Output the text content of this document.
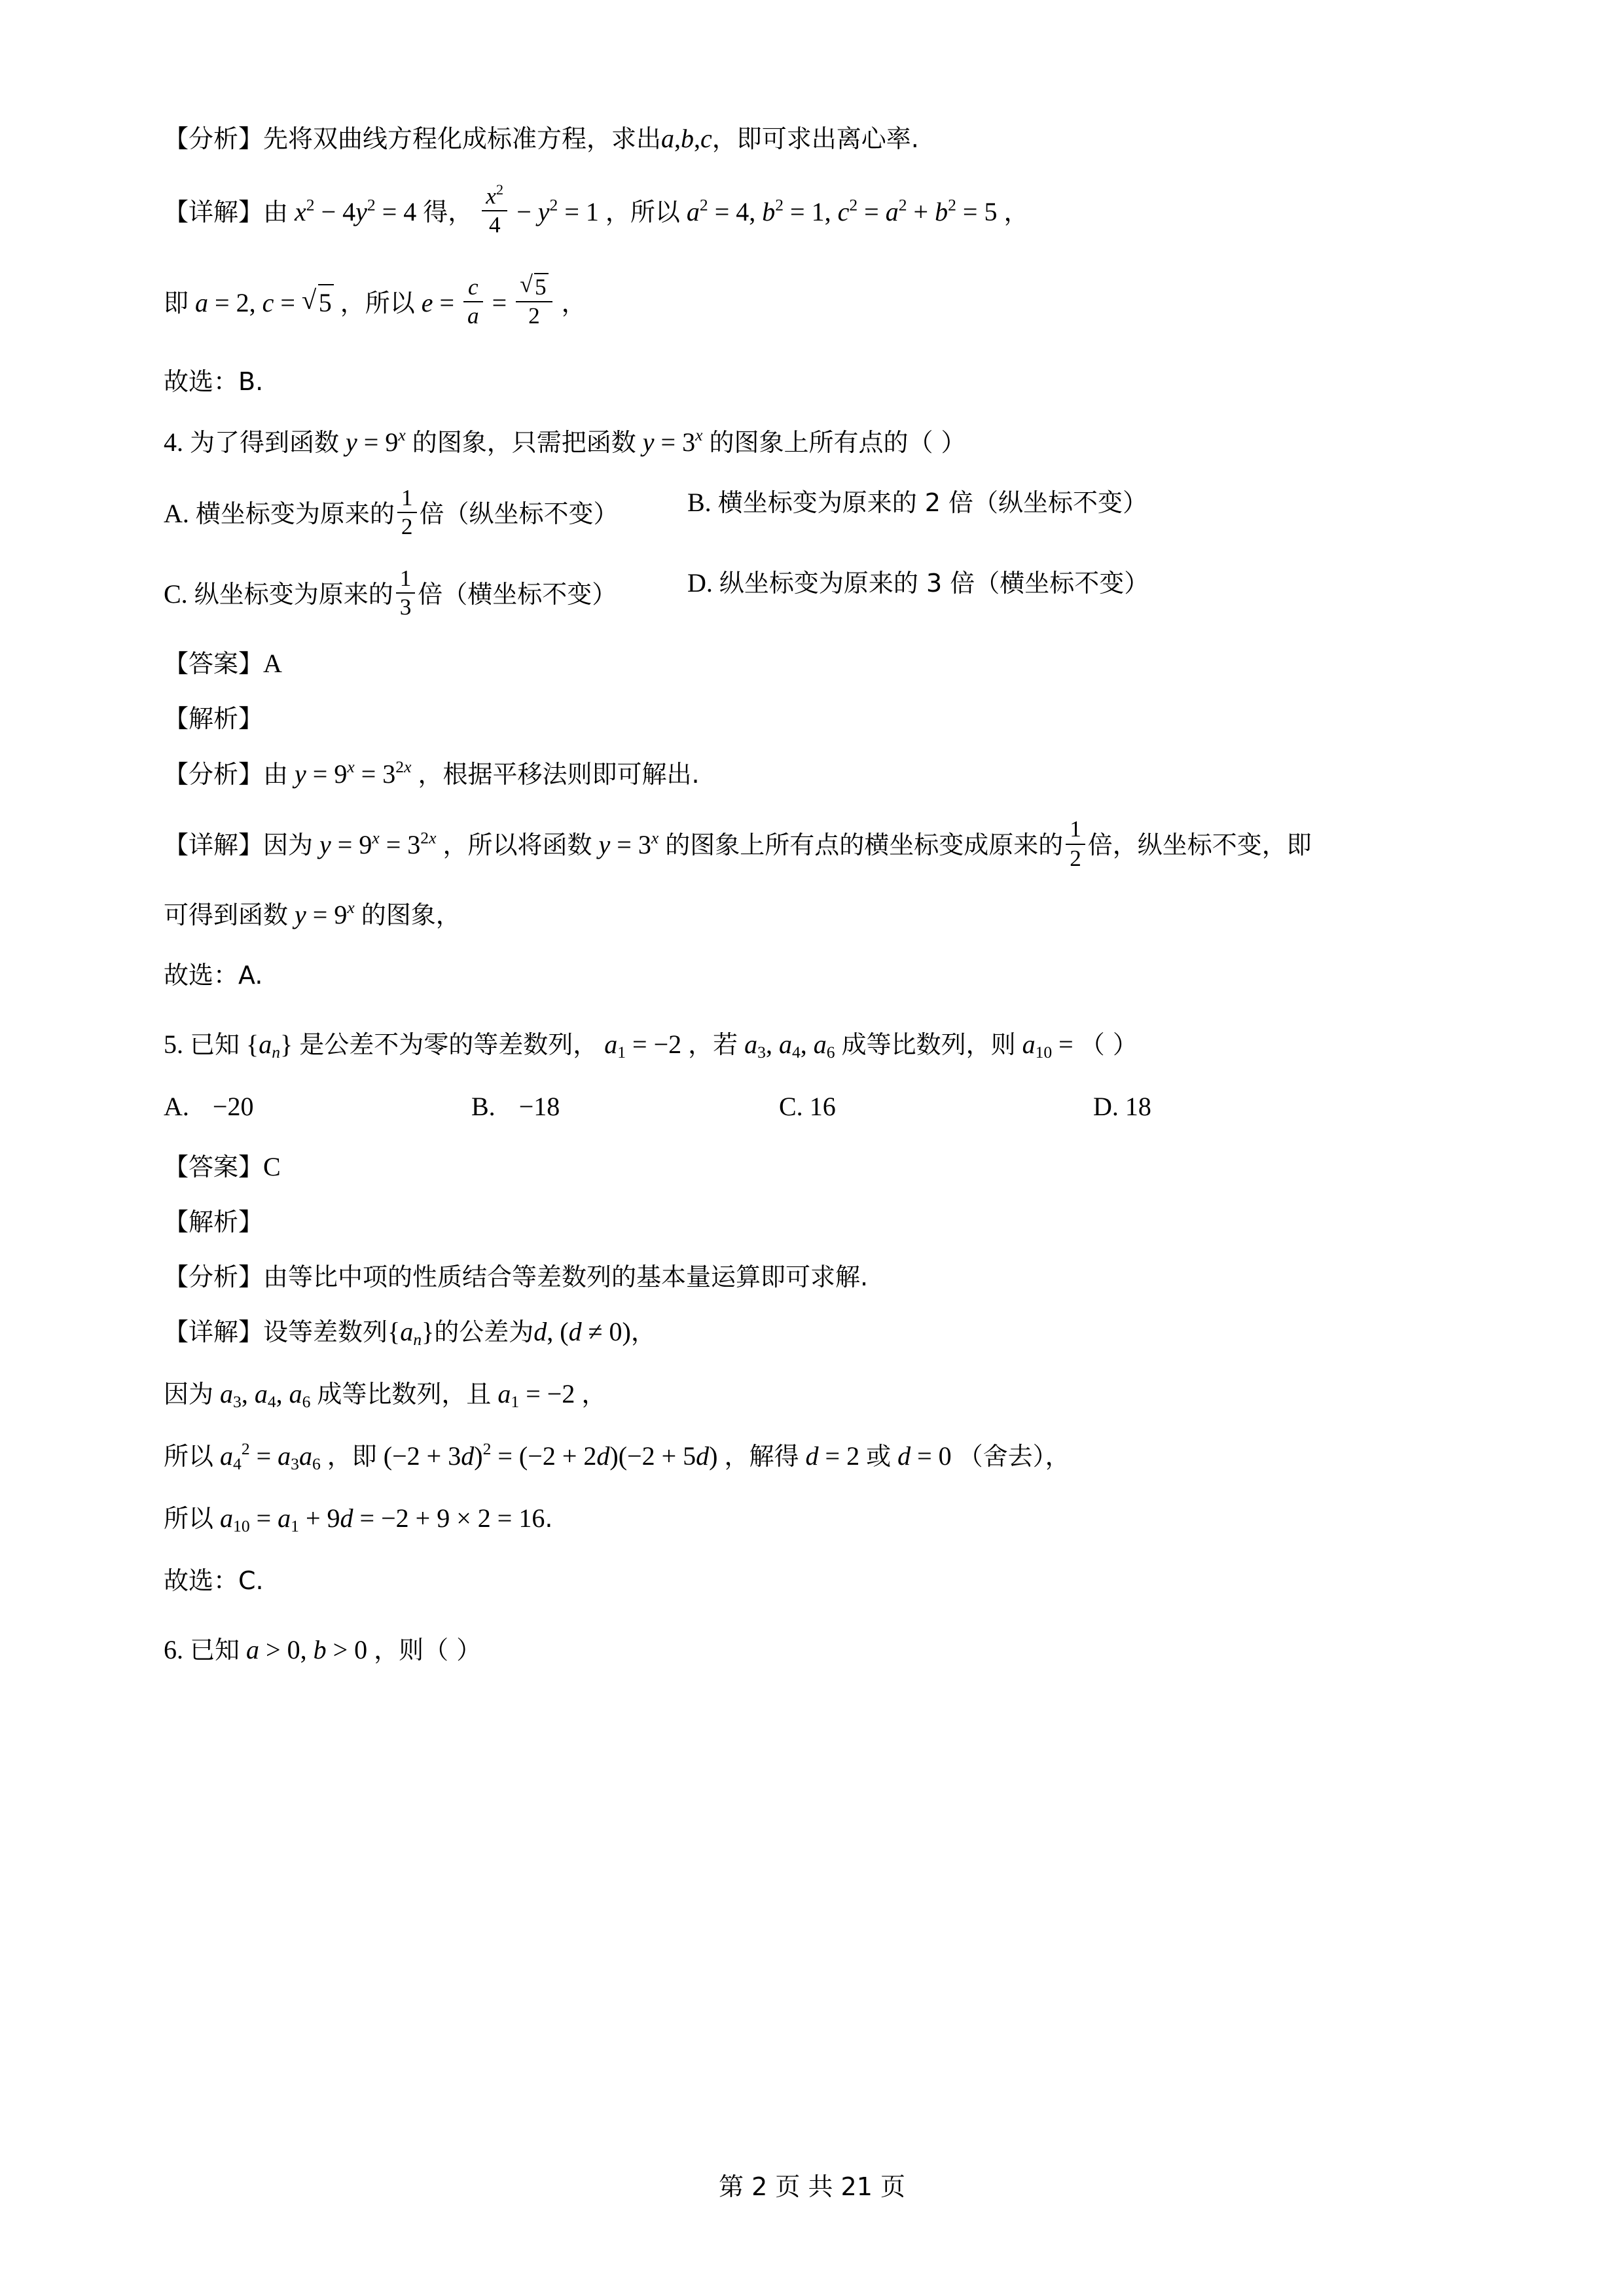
【分析】先将双曲线方程化成标准方程，求出a,b,c，即可求出离心率.
【详解】由 $x^2 - 4y^2 = 4$ 得， $\frac{x^2}{4} - y^2 = 1$ ，所以 $a^2 = 4$, $b^2 = 1$, $c^2 = a^2 + b^2 = 5$ ，
即 a = 2, c = √ 5 ，所以 $e = \frac{c}{a}$ = √ $\frac{5}{2}$ ，
故选：B.
4. 为了得到函数 $y = 9^x$ 的图象，只需把函数 $y = 3^x$ 的图象上所有点的（ ）
A. 横坐标变为原来的 $\frac{1}{2}$ 倍（纵坐标不变）	B. 横坐标变为原来的 2 倍（纵坐标不变）
C. 纵坐标变为原来的 $\frac{1}{3}$ 倍（横坐标不变）	D. 纵坐标变为原来的 3 倍（横坐标不变）
【答案】A
【解析】
【分析】由 $y = 9^x = 3^{2x}$ ，根据平移法则即可解出.
【详解】因为 $y = 9^x = 3^{2x}$ ，所以将函数 $y = 3^x$ 的图象上所有点的横坐标变成原来的 $\frac{1}{2}$ 倍，纵坐标不变，即
可得到函数 $y = 9^x$ 的图象，
故选：A.
5. 已知 $\{a_n\}$ 是公差不为零的等差数列， $a_1 = -2$ ，若 $a_3$, $a_4$, $a_6$ 成等比数列，则 $a_{10}$ = （ ）
A. −20	B. −18	C. 16	D. 18
【答案】C
【解析】
【分析】由等比中项的性质结合等差数列的基本量运算即可求解.
【详解】设等差数列$\{a_n\}$的公差为d, (d ≠ 0)，
因为 $a_3$, $a_4$, $a_6$ 成等比数列，且 $a_1 = -2$ ，
所以 $a_4^2 = a_3a_6$ ，即 $(-2 + 3d)^2 = (-2 + 2d)(-2 + 5d)$ ，解得 d = 2 或 d = 0 （舍去），
所以 $a_{10} = a_1 + 9d = -2 + 9 \times 2 = 16$.
故选：C.
6. 已知 a > 0, b > 0 ，则（ ）
第 2 页 共 21 页
